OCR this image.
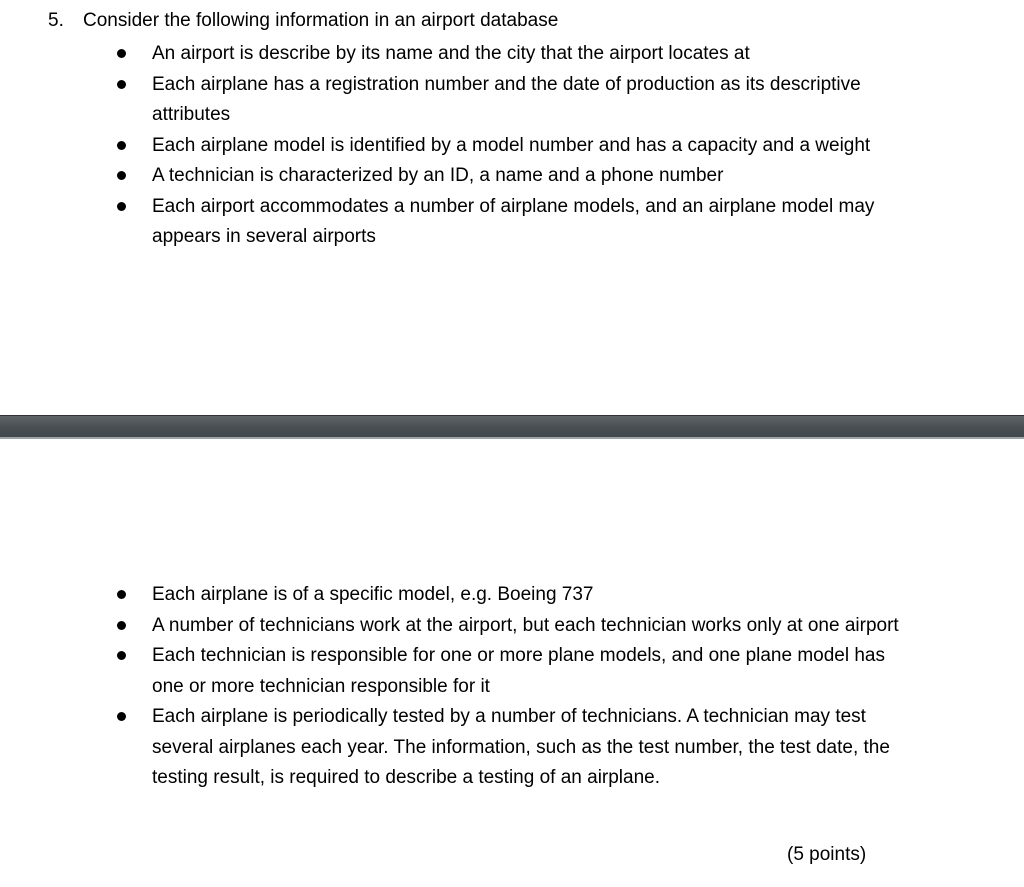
5. Consider the following information in an airport database
An airport is describe by its name and the city that the airport locates at
Each airplane has a registration number and the date of production as its descriptive attributes
Each airplane model is identified by a model number and has a capacity and a weight
A technician is characterized by an ID, a name and a phone number
Each airport accommodates a number of airplane models, and an airplane model may appears in several airports
Each airplane is of a specific model, e.g. Boeing 737
A number of technicians work at the airport, but each technician works only at one airport
Each technician is responsible for one or more plane models, and one plane model has one or more technician responsible for it
Each airplane is periodically tested by a number of technicians. A technician may test several airplanes each year. The information, such as the test number, the test date, the testing result, is required to describe a testing of an airplane.
(5 points)
